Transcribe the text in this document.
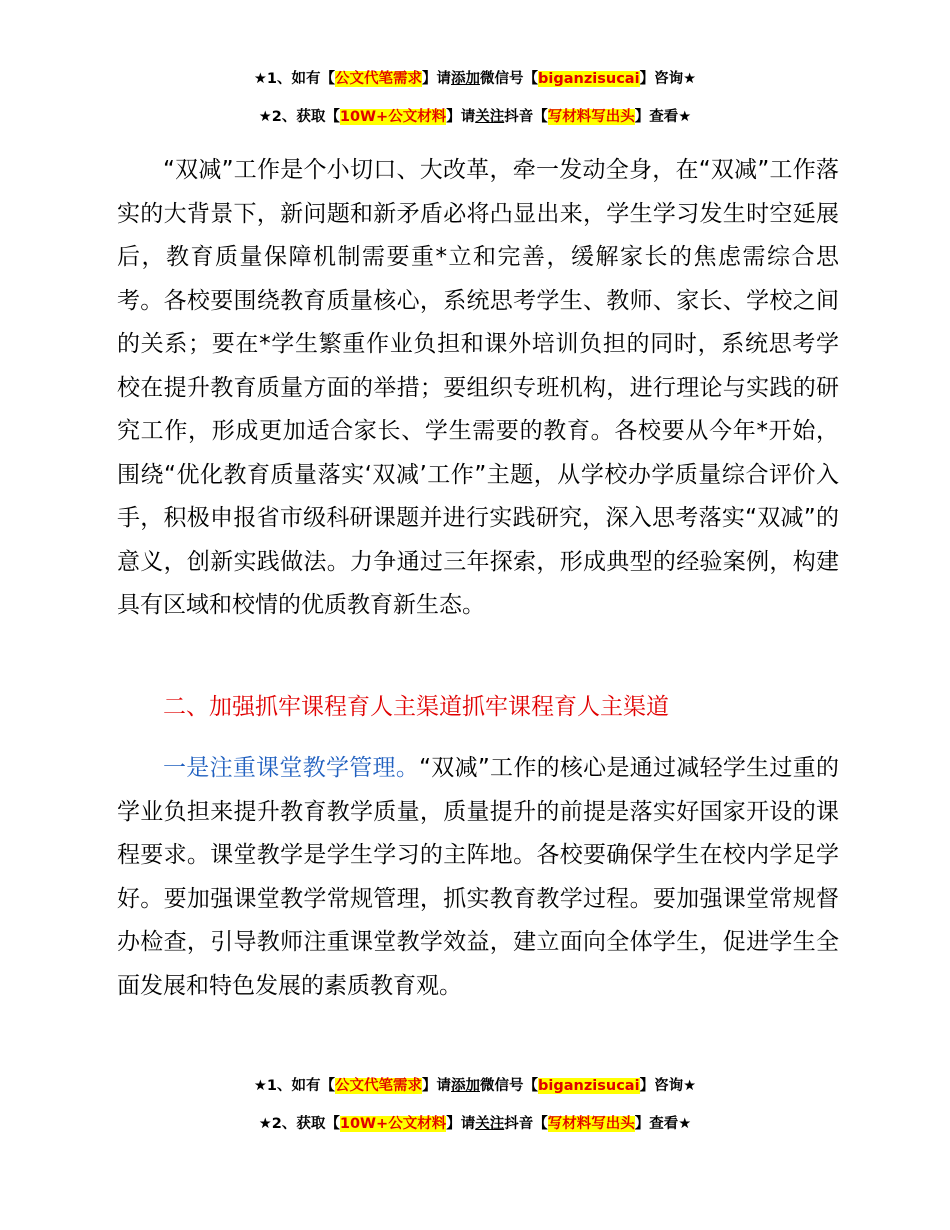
★1、如有【公文代笔需求】请添加微信号【biganzisucai】咨询★
★2、获取【10W+公文材料】请关注抖音【写材料写出头】查看★

“双减”工作是个小切口、大改革，牵一发动全身，在“双减”工作落实的大背景下，新问题和新矛盾必将凸显出来，学生学习发生时空延展后，教育质量保障机制需要重*立和完善，缓解家长的焦虑需综合思考。各校要围绕教育质量核心，系统思考学生、教师、家长、学校之间的关系；要在*学生繁重作业负担和课外培训负担的同时，系统思考学校在提升教育质量方面的举措；要组织专班机构，进行理论与实践的研究工作，形成更加适合家长、学生需要的教育。各校要从今年*开始，围绕“优化教育质量落实‘双减’工作”主题，从学校办学质量综合评价入手，积极申报省市级科研课题并进行实践研究，深入思考落实“双减”的意义，创新实践做法。力争通过三年探索，形成典型的经验案例，构建具有区域和校情的优质教育新生态。

二、加强抓牢课程育人主渠道抓牢课程育人主渠道

一是注重课堂教学管理。“双减”工作的核心是通过减轻学生过重的学业负担来提升教育教学质量，质量提升的前提是落实好国家开设的课程要求。课堂教学是学生学习的主阵地。各校要确保学生在校内学足学好。要加强课堂教学常规管理，抓实教育教学过程。要加强课堂常规督办检查，引导教师注重课堂教学效益，建立面向全体学生，促进学生全面发展和特色发展的素质教育观。

★1、如有【公文代笔需求】请添加微信号【biganzisucai】咨询★
★2、获取【10W+公文材料】请关注抖音【写材料写出头】查看★
